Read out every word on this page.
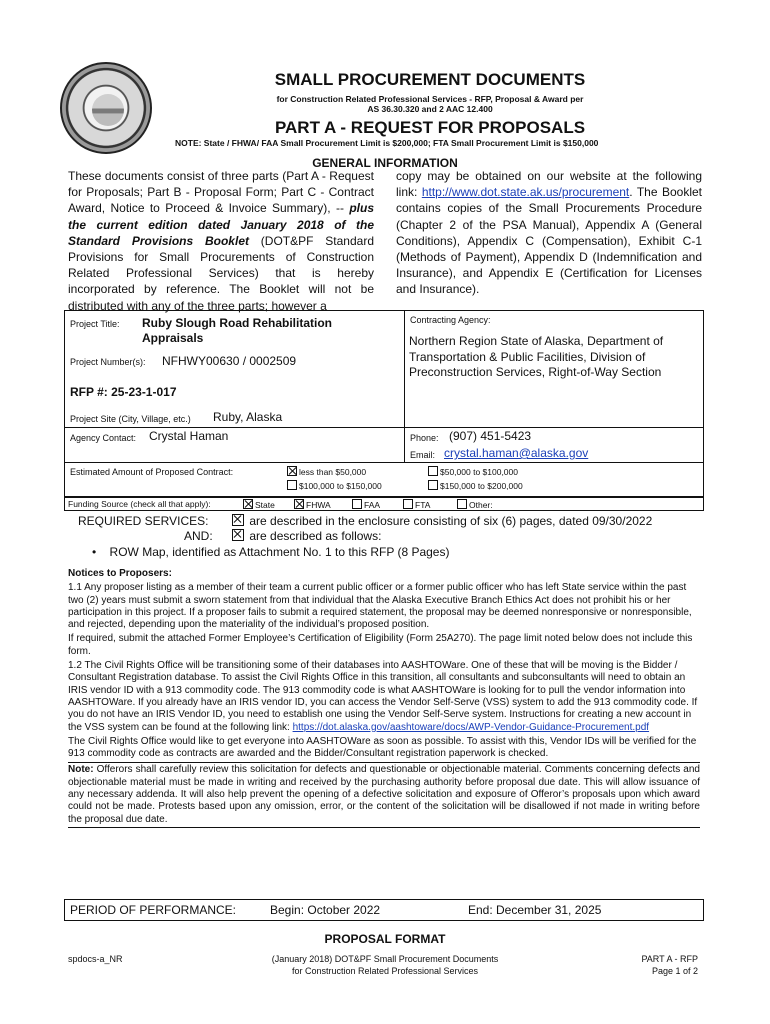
SMALL PROCUREMENT DOCUMENTS
for Construction Related Professional Services - RFP, Proposal & Award per
AS 36.30.320 and 2 AAC 12.400
PART A - REQUEST FOR PROPOSALS
NOTE: State / FHWA/ FAA Small Procurement Limit is $200,000; FTA Small Procurement Limit is $150,000
GENERAL INFORMATION
These documents consist of three parts (Part A - Request for Proposals; Part B - Proposal Form; Part C - Contract Award, Notice to Proceed & Invoice Summary), -- plus the current edition dated January 2018 of the Standard Provisions Booklet (DOT&PF Standard Provisions for Small Procurements of Construction Related Professional Services) that is hereby incorporated by reference. The Booklet will not be distributed with any of the three parts; however a
copy may be obtained on our website at the following link: http://www.dot.state.ak.us/procurement. The Booklet contains copies of the Small Procurements Procedure (Chapter 2 of the PSA Manual), Appendix A (General Conditions), Appendix C (Compensation), Exhibit C-1 (Methods of Payment), Appendix D (Indemnification and Insurance), and Appendix E (Certification for Licenses and Insurance).
Project Title: Ruby Slough Road Rehabilitation
Appraisals
Project Number(s): NFHWY00630 / 0002509
RFP #: 25-23-1-017
Project Site (City, Village, etc.) Ruby, Alaska
Contracting Agency:
Northern Region State of Alaska, Department of Transportation & Public Facilities, Division of Preconstruction Services, Right-of-Way Section
Agency Contact: Crystal Haman	Phone: (907) 451-5423
Email: crystal.haman@alaska.gov
Estimated Amount of Proposed Contract:	less than $50,000	$50,000 to $100,000
$100,000 to $150,000	$150,000 to $200,000
Funding Source (check all that apply):	State	FHWA	FAA	FTA	Other:
REQUIRED SERVICES:	are described in the enclosure consisting of six (6) pages, dated 09/30/2022
AND:	are described as follows:
•    ROW Map, identified as Attachment No. 1 to this RFP (8 Pages)

Notices to Proposers:

1.1 Any proposer listing as a member of their team a current public officer or a former public officer who has left State service within the past two (2) years must submit a sworn statement from that individual that the Alaska Executive Branch Ethics Act does not prohibit his or her participation in this project. If a proposer fails to submit a required statement, the proposal may be deemed nonresponsive or nonresponsible, and rejected, depending upon the materiality of the individual’s proposed position.

If required, submit the attached Former Employee’s Certification of Eligibility (Form 25A270). The page limit noted below does not include this form.

1.2 The Civil Rights Office will be transitioning some of their databases into AASHTOWare. One of these that will be moving is the Bidder / Consultant Registration database. To assist the Civil Rights Office in this transition, all consultants and subconsultants will need to obtain an IRIS vendor ID with a 913 commodity code. The 913 commodity code is what AASHTOWare is looking for to pull the vendor information into AASHTOWare. If you already have an IRIS vendor ID, you can access the Vendor Self-Serve (VSS) system to add the 913 commodity code. If you do not have an IRIS Vendor ID, you need to establish one using the Vendor Self-Serve system. Instructions for creating a new account in the VSS system can be found at the following link: https://dot.alaska.gov/aashtoware/docs/AWP-Vendor-Guidance-Procurement.pdf

The Civil Rights Office would like to get everyone into AASHTOWare as soon as possible. To assist with this, Vendor IDs will be verified for the 913 commodity code as contracts are awarded and the Bidder/Consultant registration paperwork is checked.

Note: Offerors shall carefully review this solicitation for defects and questionable or objectionable material. Comments concerning defects and objectionable material must be made in writing and received by the purchasing authority before proposal due date. This will allow issuance of any necessary addenda. It will also help prevent the opening of a defective solicitation and exposure of Offeror’s proposals upon which award could not be made. Protests based upon any omission, error, or the content of the solicitation will be disallowed if not made in writing before the proposal due date.
PERIOD OF PERFORMANCE:	Begin: October 2022	End: December 31, 2025
PROPOSAL FORMAT
spdocs-a_NR	(January 2018) DOT&PF Small Procurement Documents
for Construction Related Professional Services
PART A - RFP
Page 1 of 2
